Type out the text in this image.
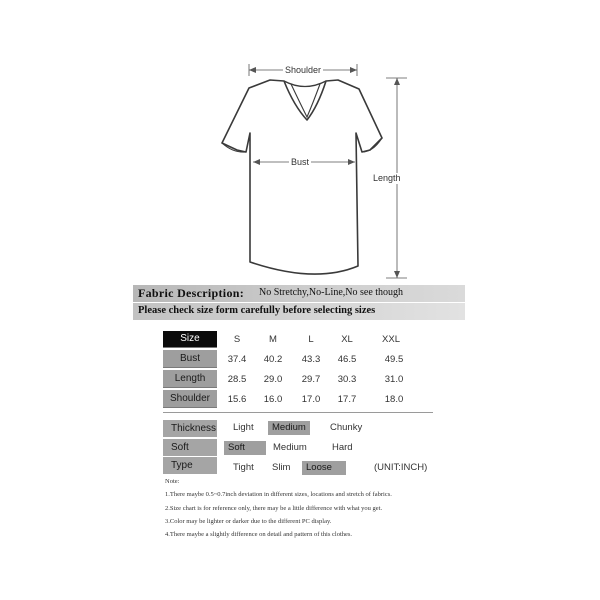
Shoulder
Bust
Length
Fabric Description: No Stretchy,No-Line,No see though
Please check size form carefully before selecting sizes
Size	S	M	L	XL	XXL
Bust	37.4	40.2	43.3	46.5	49.5
Length	28.5	29.0	29.7	30.3	31.0
Shoulder	15.6	16.0	17.0	17.7	18.0
Thickness	Light	Medium	Chunky
Soft	Soft	Medium	Hard
Type	Tight	Slim	Loose	(UNIT:INCH)
Note:
1.There maybe 0.5~0.7inch deviation in different sizes, locations and stretch of fabrics.
2.Size chart is for reference only, there may be a little difference with what you get.
3.Color may be lighter or darker due to the different PC display.
4.There maybe a slightly difference on detail and pattern of this clothes.
